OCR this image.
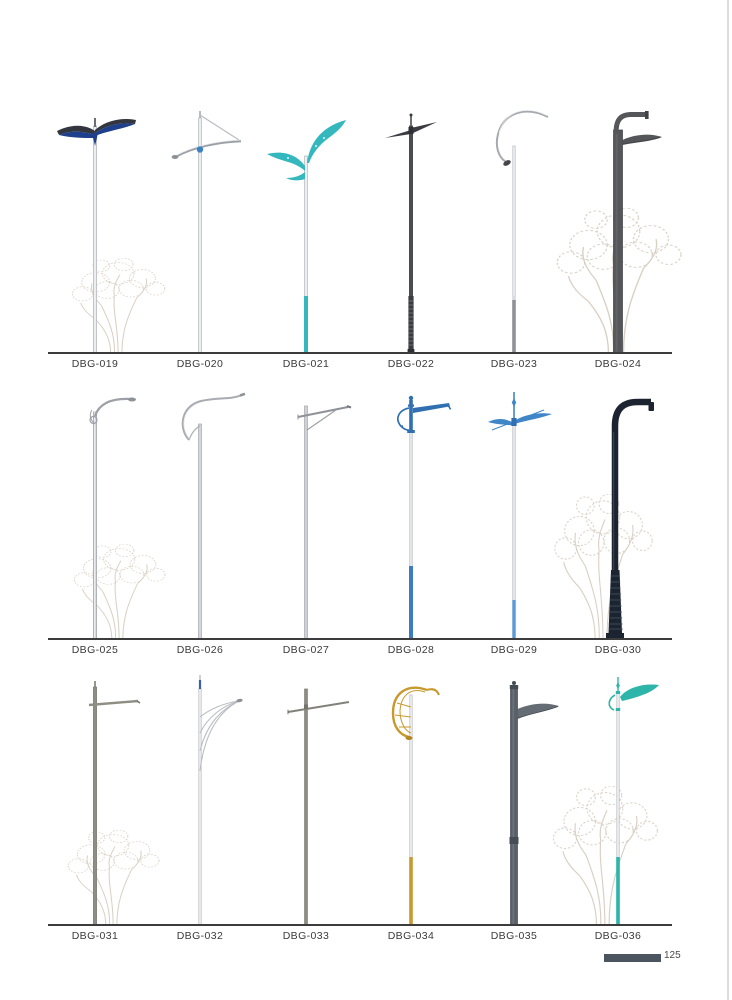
DBG-019	DBG-020	DBG-021	DBG-022	DBG-023	DBG-024
DBG-025	DBG-026	DBG-027	DBG-028	DBG-029	DBG-030
DBG-031	DBG-032	DBG-033	DBG-034	DBG-035	DBG-036
125
